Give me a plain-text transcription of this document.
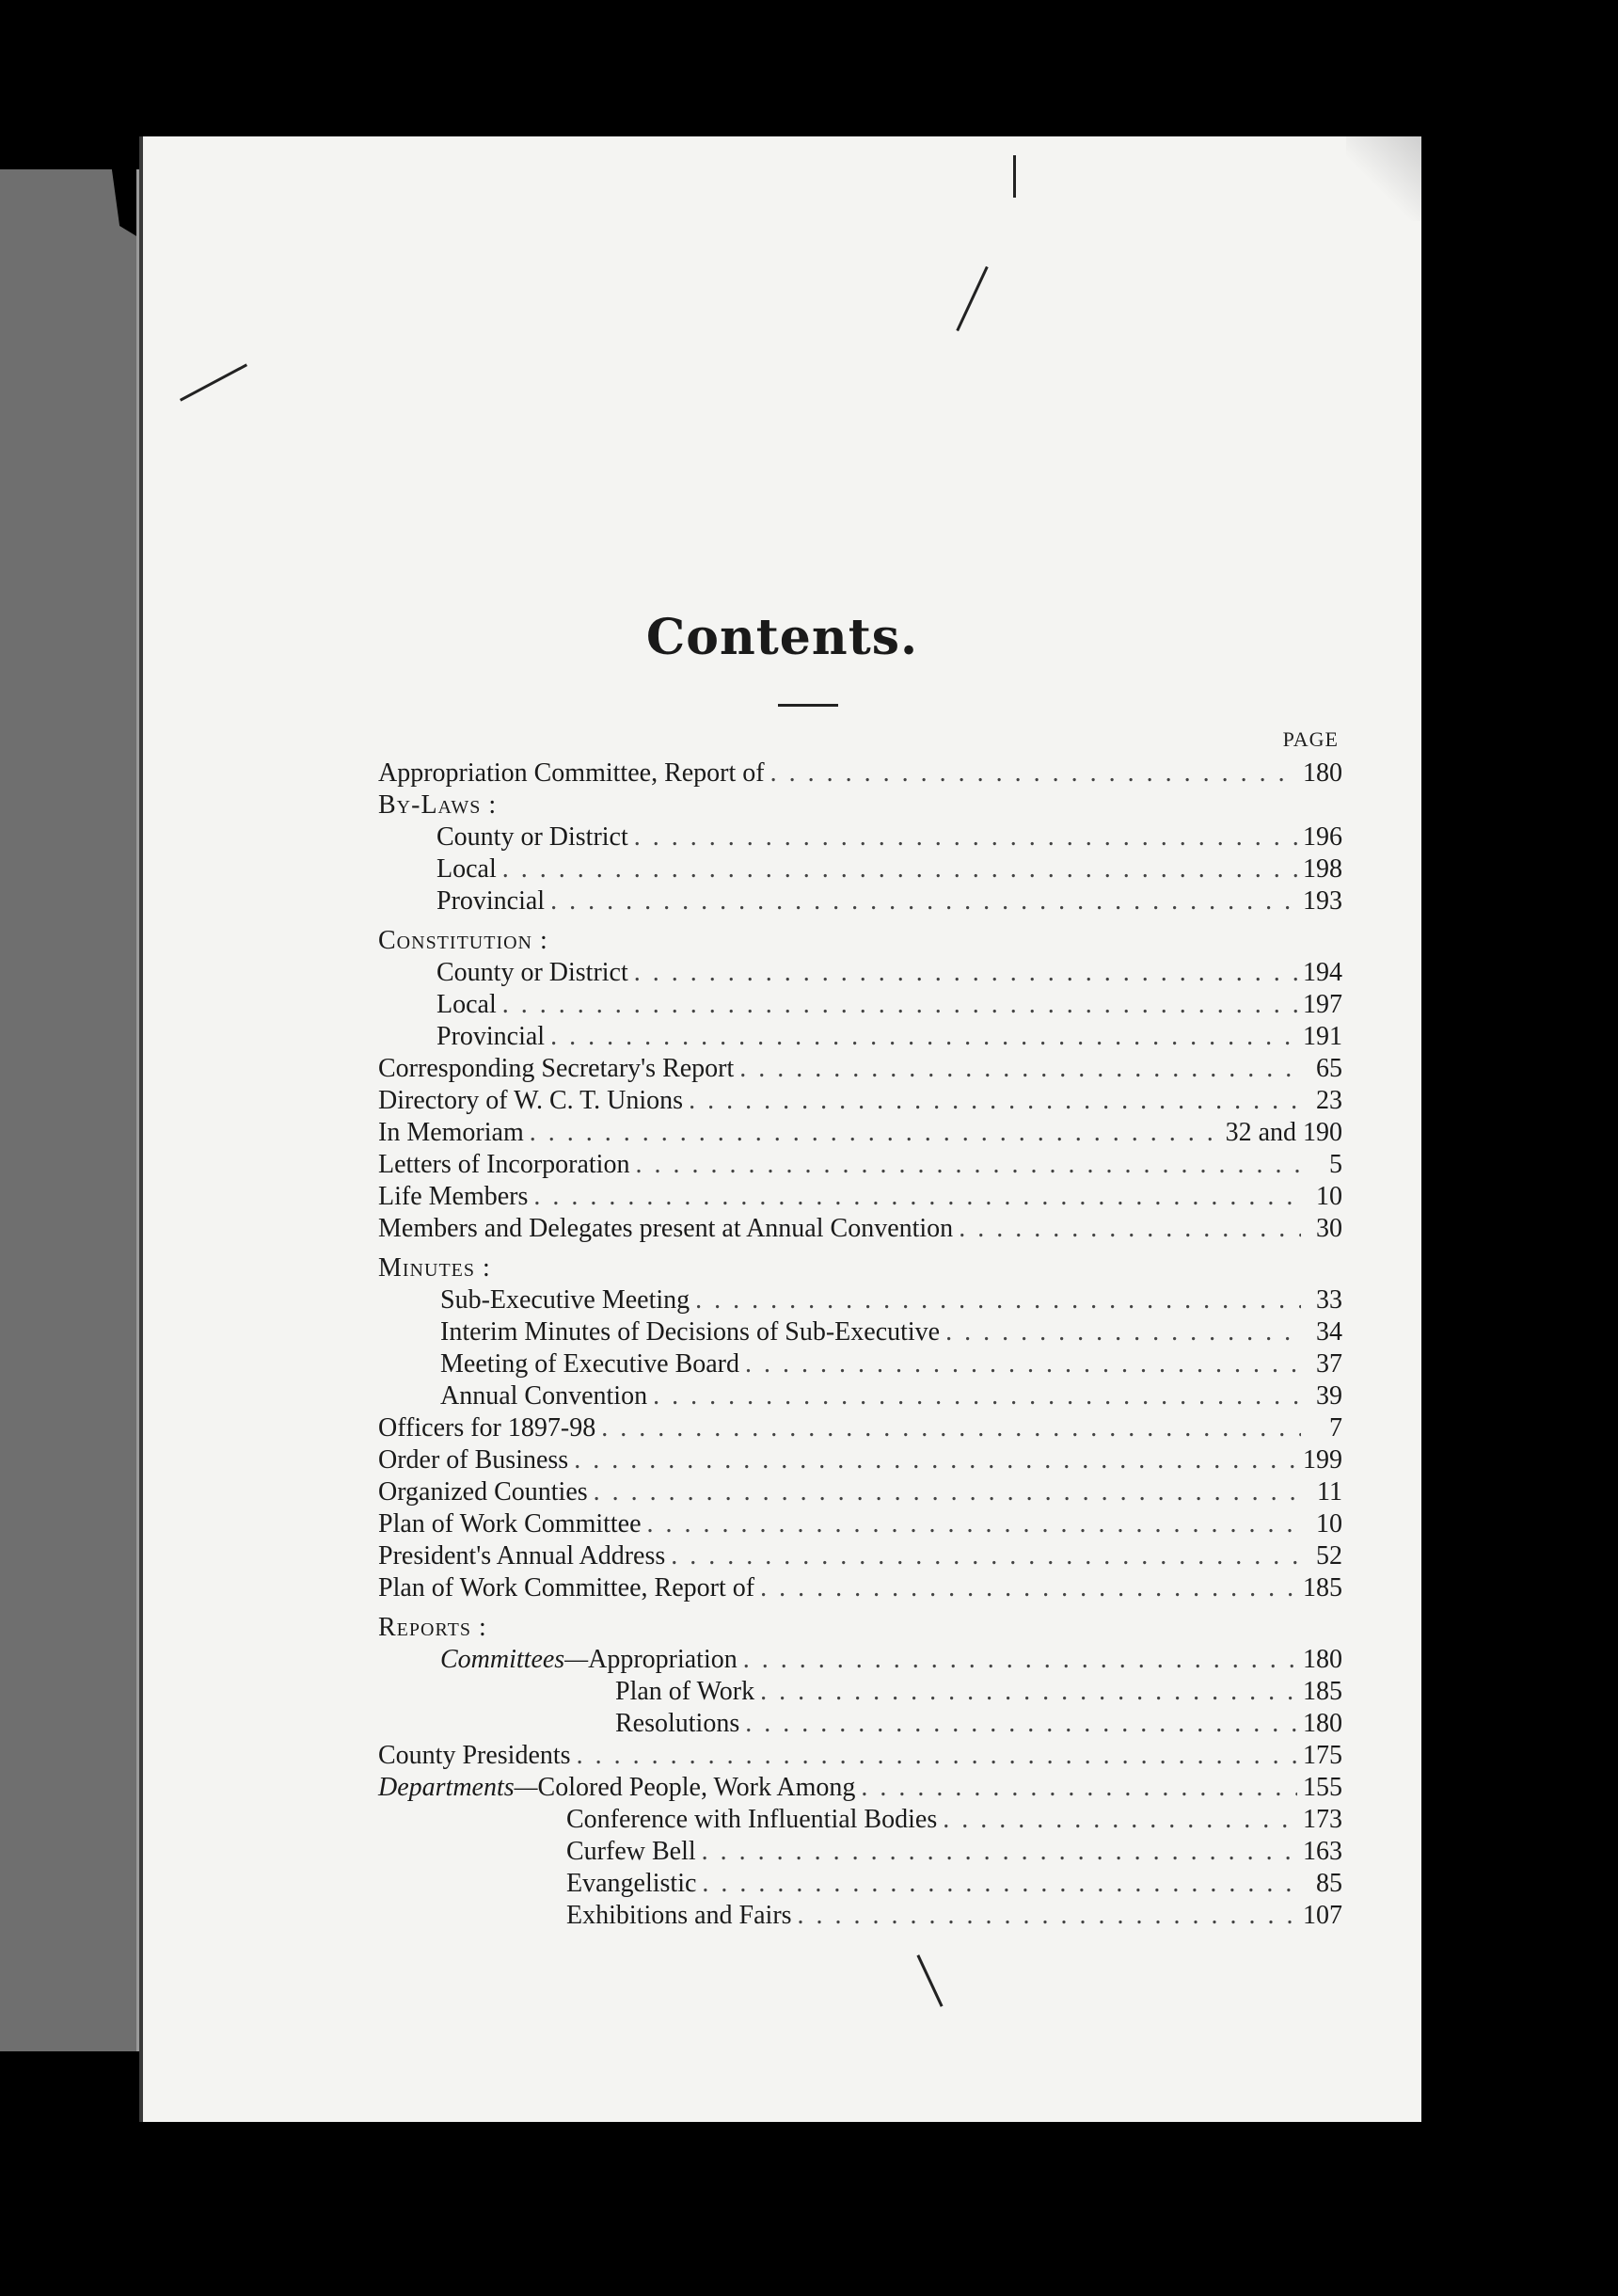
Contents.
PAGE
Appropriation Committee, Report of . . .	180
By-Laws :
County or District . . .	196
Local . . .	198
Provincial . . .	193
Constitution :
County or District . . .	194
Local . . .	197
Provincial . . .	191
Corresponding Secretary's Report . . .	65
Directory of W. C. T. Unions . . .	23
In Memoriam . . .	32 and 190
Letters of Incorporation . . .	5
Life Members . . .	10
Members and Delegates present at Annual Convention . . .	30
Minutes :
Sub-Executive Meeting . . .	33
Interim Minutes of Decisions of Sub-Executive . . .	34
Meeting of Executive Board . . .	37
Annual Convention . . .	39
Officers for 1897-98 . . .	7
Order of Business . . .	199
Organized Counties . . .	11
Plan of Work Committee . . .	10
President's Annual Address . . .	52
Plan of Work Committee, Report of . . .	185
Reports :
Committees— Appropriation . . .	180
Plan of Work . . .	185
Resolutions . . .	180
County Presidents . . .	175
Departments— Colored People, Work Among . . .	155
Conference with Influential Bodies . . .	173
Curfew Bell . . .	163
Evangelistic . . .	85
Exhibitions and Fairs . . .	107
